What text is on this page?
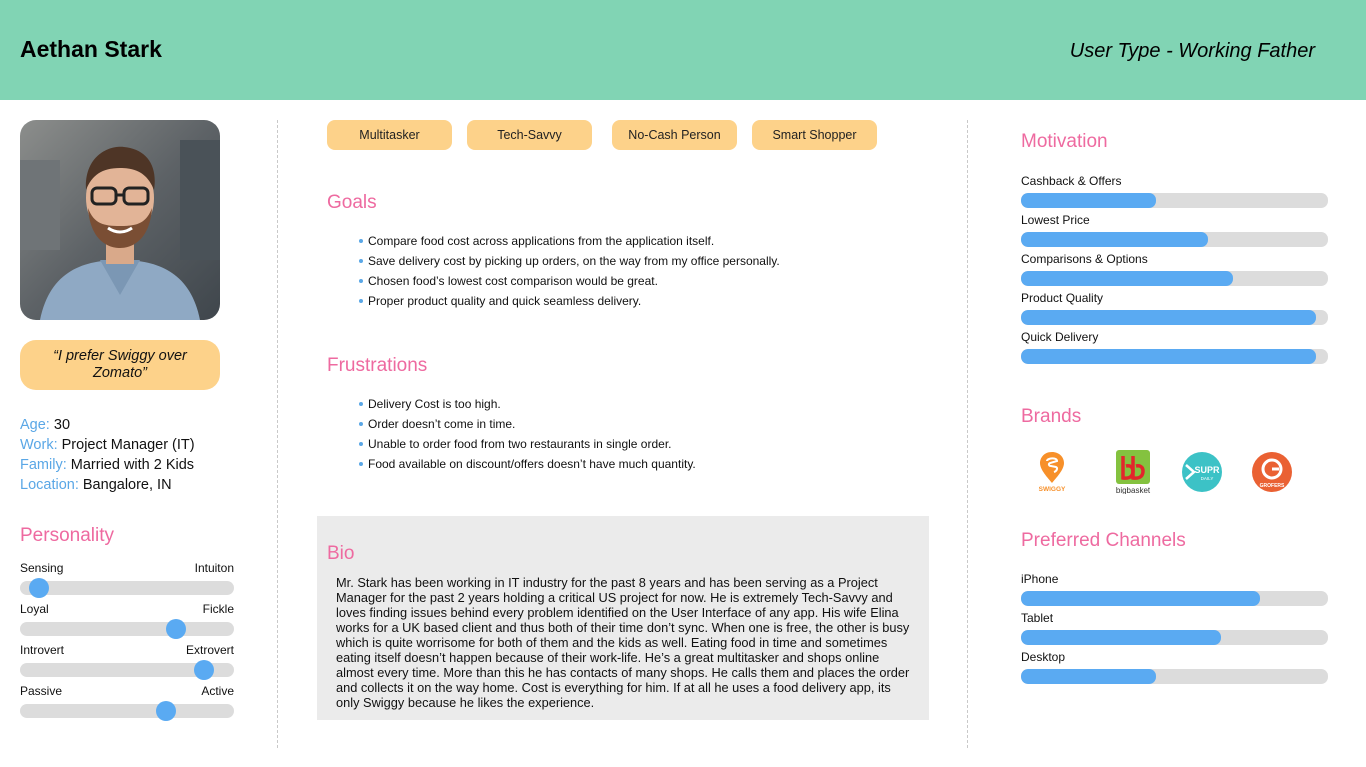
Aethan Stark	User Type - Working Father
“I prefer Swiggy over Zomato”
Age: 30
Work: Project Manager (IT)
Family: Married with 2 Kids
Location: Bangalore, IN
Personality
Sensing	Intuiton
Loyal	Fickle
Introvert	Extrovert
Passive	Active
Multitasker	Tech-Savvy	No-Cash Person	Smart Shopper
Goals
Compare food cost across applications from the application itself.
Save delivery cost by picking up orders, on the way from my office personally.
Chosen food’s lowest cost comparison would be great.
Proper product quality and quick seamless delivery.
Frustrations
Delivery Cost is too high.
Order doesn’t come in time.
Unable to order food from two restaurants in single order.
Food available on discount/offers doesn’t have much quantity.
Bio
Mr. Stark has been working in IT industry for the past 8 years and has been serving as a Project Manager for the past 2 years holding a critical US project for now. He is extremely Tech-Savvy and loves finding issues behind every problem identified on the User Interface of any app. His wife Elina works for a UK based client and thus both of their time don’t sync. When one is free, the other is busy which is quite worrisome for both of them and the kids as well. Eating food in time and sometimes eating itself doesn’t happen because of their work-life. He’s a great multitasker and shops online almost every time. More than this he has contacts of many shops. He calls them and places the order and collects it on the way home. Cost is everything for him. If at all he uses a food delivery app, its only Swiggy because he likes the experience.
Motivation
Cashback & Offers
Lowest Price
Comparisons & Options
Product Quality
Quick Delivery
Brands
SWIGGY	bigbasket
SUPR
DAILY
GROFERS
Preferred Channels
iPhone
Tablet
Desktop
